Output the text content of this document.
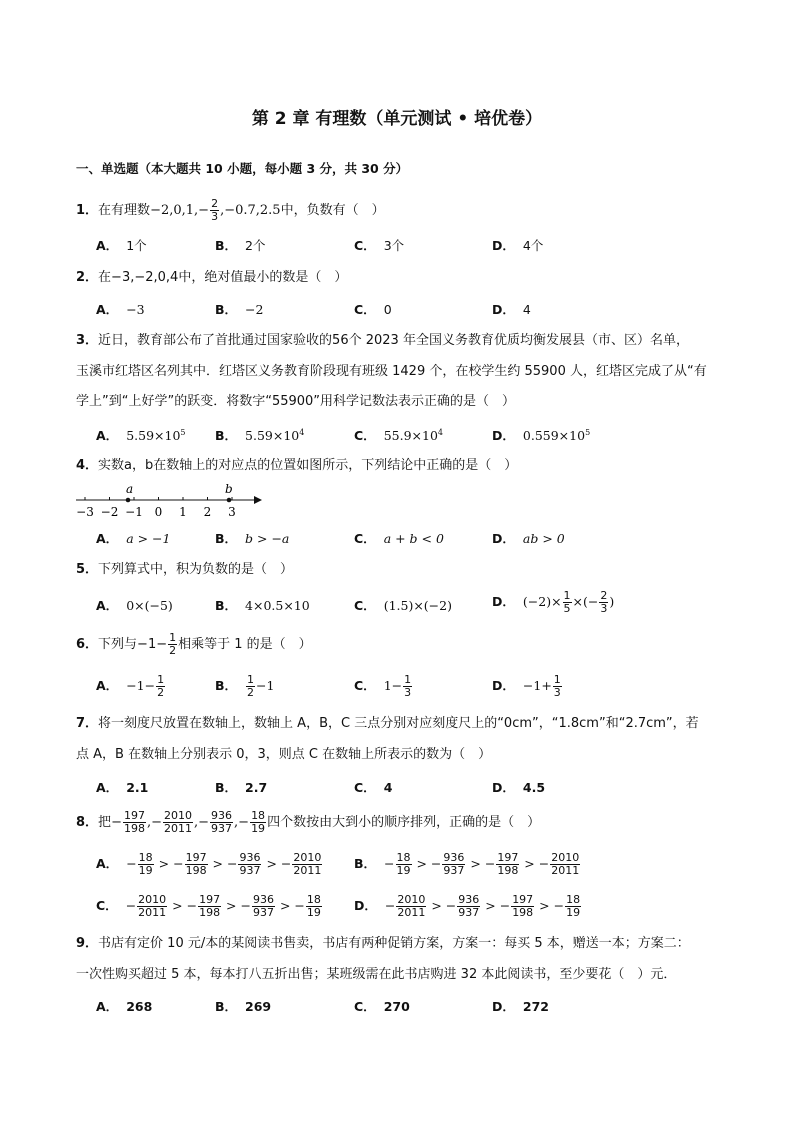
第 2 章 有理数（单元测试 • 培优卷）
一、单选题（本大题共 10 小题，每小题 3 分，共 30 分）
1．在有理数$-2,0,1,- \frac{2}{3} ,-0.7,2.5$中，负数有（　）
A． 1个	B． 2个	C． 3个	D． 4个
2．在−3,−2,0,4中，绝对值最小的数是（　）
A． −3	B． −2	C． 0	D． 4
3．近日，教育部公布了首批通过国家验收的56个 2023 年全国义务教育优质均衡发展县（市、区）名单，
玉溪市红塔区名列其中．红塔区义务教育阶段现有班级 1429 个，在校学生约 55900 人，红塔区完成了从“有
学上”到“上好学”的跃变．将数字“55900”用科学记数法表示正确的是（　）
A． $5.59\times 10^5$ B． $5.59\times 10^4$	C． $55.9\times 10^4$	D． $0.559\times 10^5$
4．实数a，b在数轴上的对应点的位置如图所示，下列结论中正确的是（　）
−3 −2 −1 0 1 2 3
a	b
A． a > −1	B． b > −a	C． a + b < 0	D． ab > 0
5．下列算式中，积为负数的是（　）
A． 0×(−5)	B． 4×0.5×10	C． (1.5)×(−2)	D． $(-2)\times \frac{1}{5}$ ×(− $\frac{2}{3}$ )
6．下列与$-1- \frac{1}{2}$ 相乘等于 1 的是（　）
A． $-1- \frac{1}{2}$	B． $\frac{1}{2} -1$	C． $1- \frac{1}{3}$	D． $-1+ \frac{1}{3}$
7．将一刻度尺放置在数轴上，数轴上 A，B，C 三点分别对应刻度尺上的“0cm”，“1.8cm”和“2.7cm”，若
点 A，B 在数轴上分别表示 0，3，则点 C 在数轴上所表示的数为（　）
A． 2.1	B． 2.7	C． 4	D． 4.5
8．把− $\frac{197}{198}$ ,− $\frac{2010}{2011}$ ,− $\frac{936}{937}$ ,− $\frac{18}{19}$ 四个数按由大到小的顺序排列，正确的是（　）
A． − $\frac{18}{19}$ > − $\frac{197}{198}$ > − $\frac{936}{937}$ > − $\frac{2010}{2011}$	B． − $\frac{18}{19}$ > − $\frac{936}{937}$ > − $\frac{197}{198}$ > − $\frac{2010}{2011}$
C． − $\frac{2010}{2011}$ > − $\frac{197}{198}$ > − $\frac{936}{937}$ > − $\frac{18}{19}$	D． − $\frac{2010}{2011}$ > − $\frac{936}{937}$ > − $\frac{197}{198}$ > − $\frac{18}{19}$
9．书店有定价 10 元/本的某阅读书售卖，书店有两种促销方案，方案一：每买 5 本，赠送一本；方案二：
一次性购买超过 5 本，每本打八五折出售；某班级需在此书店购进 32 本此阅读书，至少要花（　）元．
A． 268	B． 269	C． 270	D． 272
